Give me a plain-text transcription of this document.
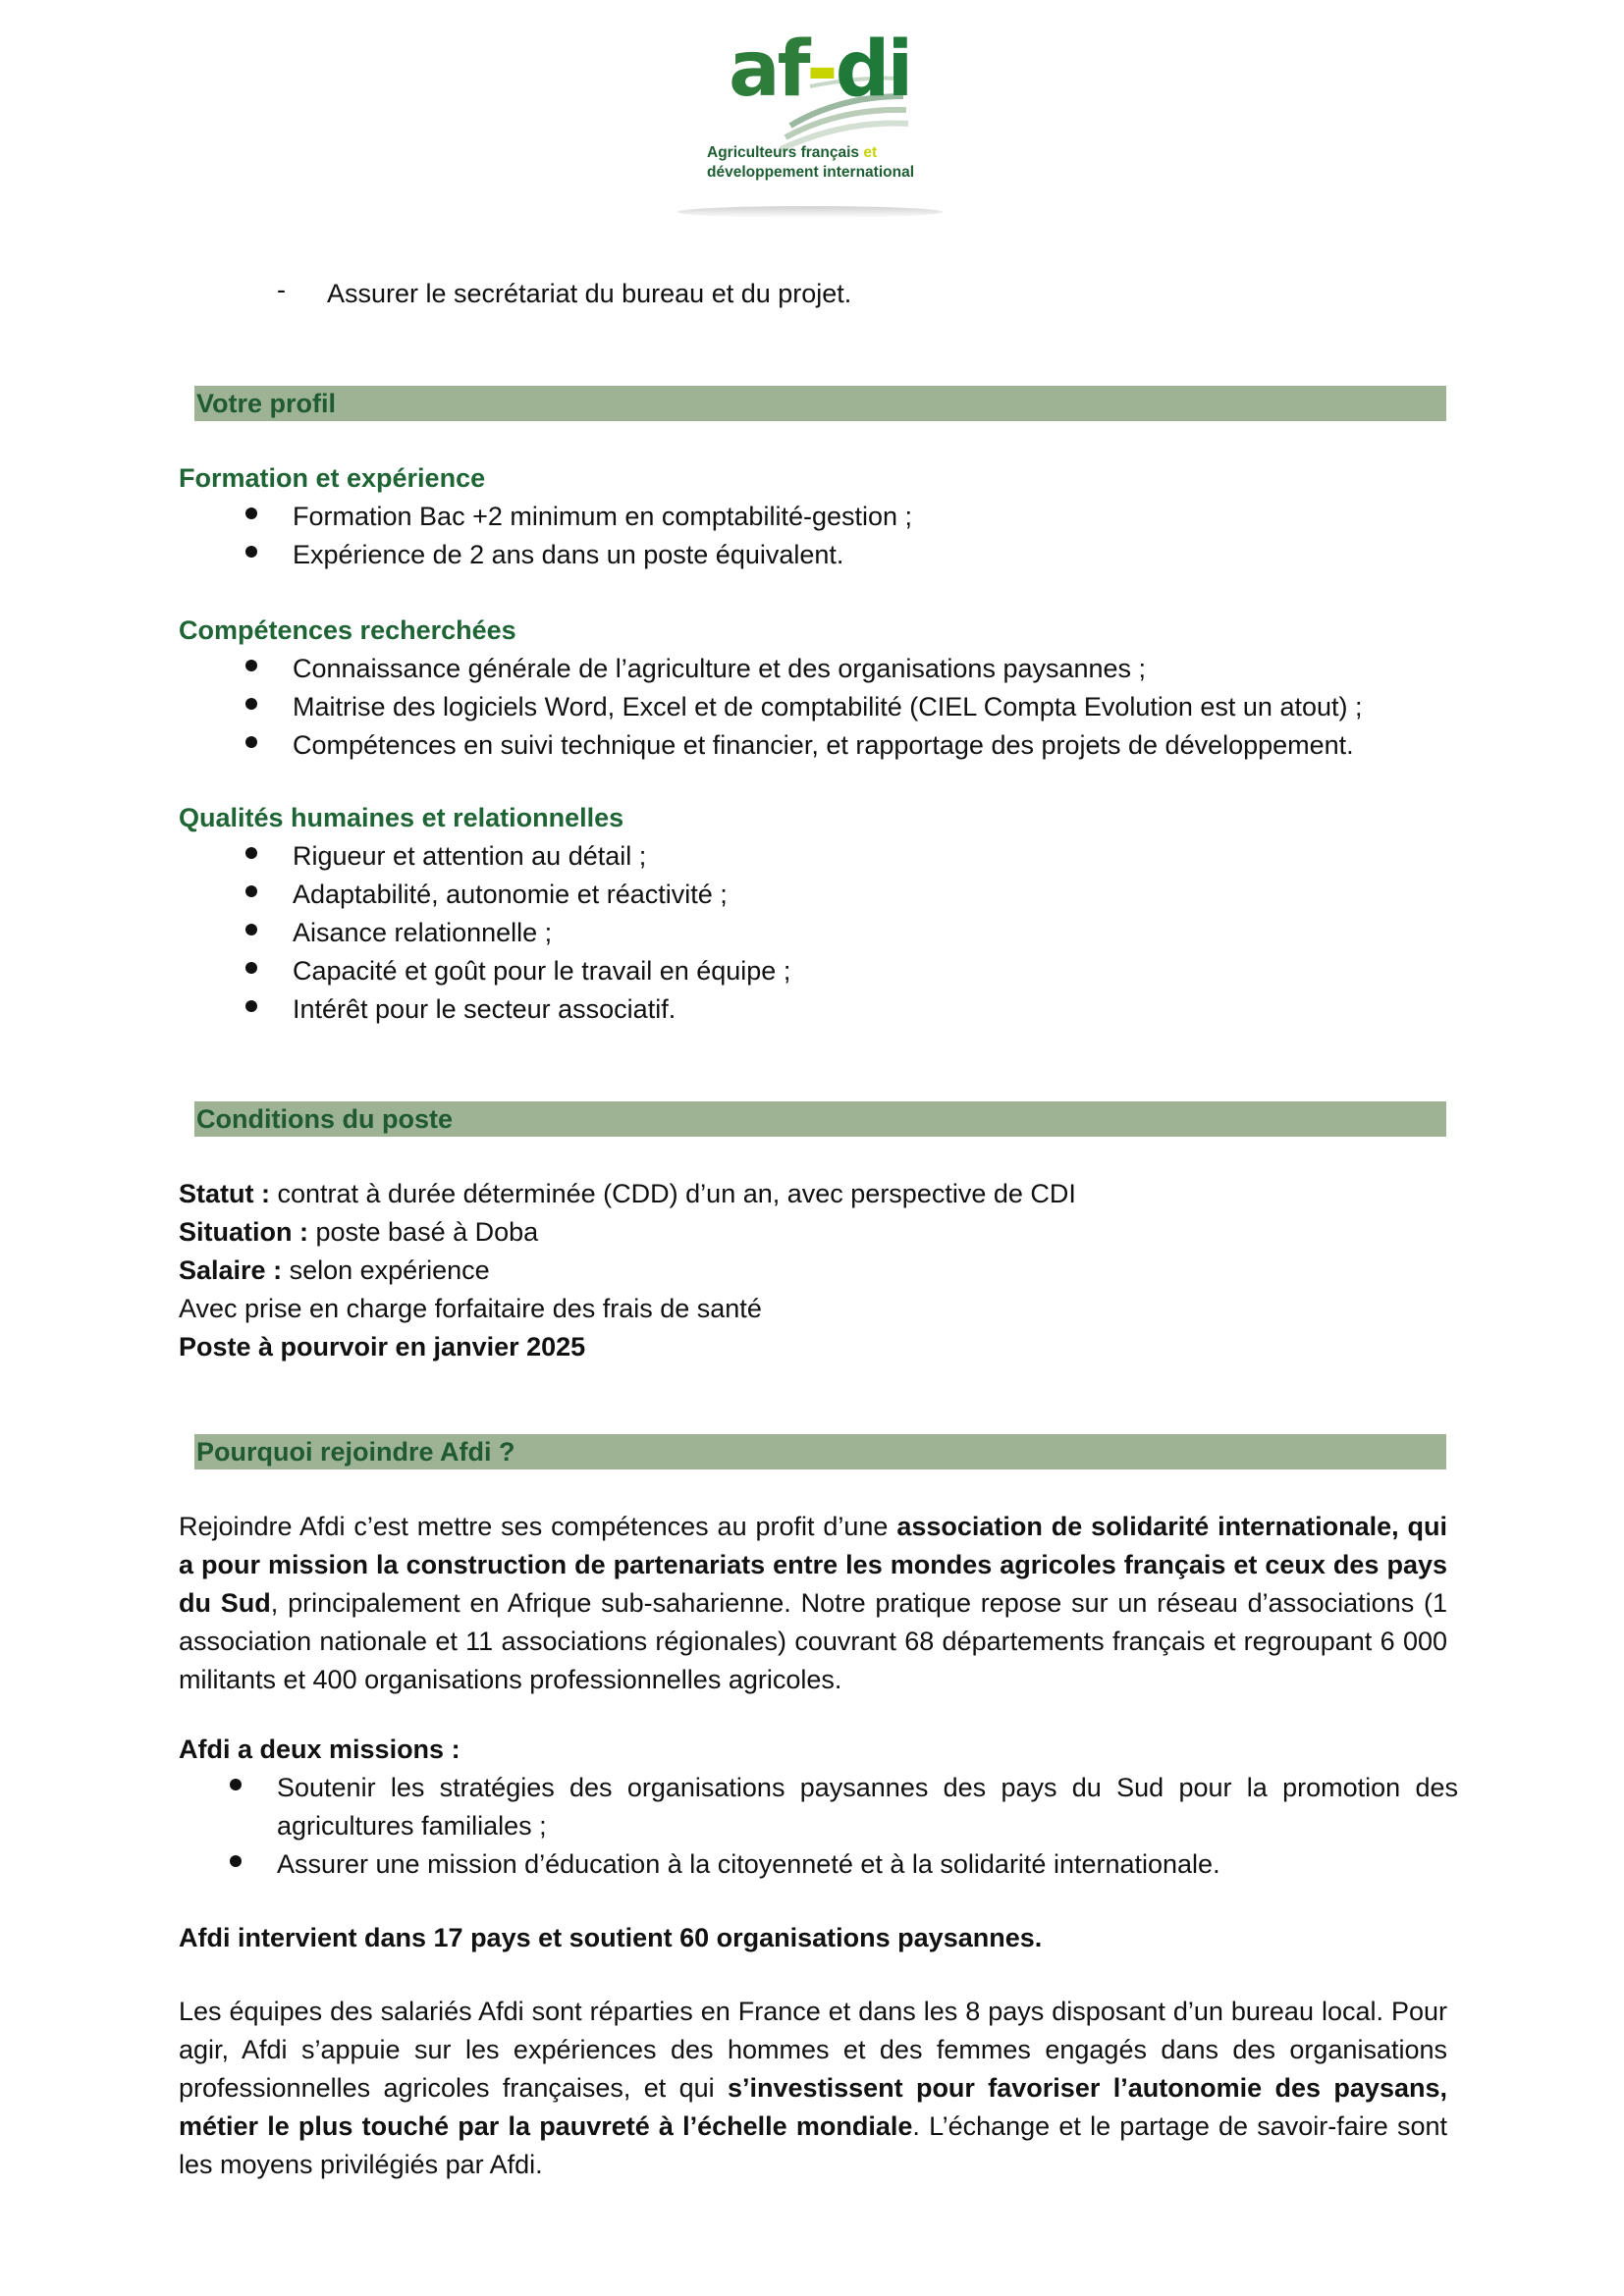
af-di
Agriculteurs français et
développement international
- Assurer le secrétariat du bureau et du projet.
Votre profil
Formation et expérience
Formation Bac +2 minimum en comptabilité-gestion ;
Expérience de 2 ans dans un poste équivalent.
Compétences recherchées
Connaissance générale de l’agriculture et des organisations paysannes ;
Maitrise des logiciels Word, Excel et de comptabilité (CIEL Compta Evolution est un atout) ;
Compétences en suivi technique et financier, et rapportage des projets de développement.
Qualités humaines et relationnelles
Rigueur et attention au détail ;
Adaptabilité, autonomie et réactivité ;
Aisance relationnelle ;
Capacité et goût pour le travail en équipe ;
Intérêt pour le secteur associatif.
Conditions du poste
Statut : contrat à durée déterminée (CDD) d’un an, avec perspective de CDI
Situation : poste basé à Doba
Salaire : selon expérience
Avec prise en charge forfaitaire des frais de santé
Poste à pourvoir en janvier 2025
Pourquoi rejoindre Afdi ?
Rejoindre Afdi c’est mettre ses compétences au profit d’une association de solidarité internationale, qui a pour mission la construction de partenariats entre les mondes agricoles français et ceux des pays du Sud, principalement en Afrique sub-saharienne. Notre pratique repose sur un réseau d’associations (1 association nationale et 11 associations régionales) couvrant 68 départements français et regroupant 6 000 militants et 400 organisations professionnelles agricoles.
Afdi a deux missions :
Soutenir les stratégies des organisations paysannes des pays du Sud pour la promotion des agricultures familiales ;
Assurer une mission d’éducation à la citoyenneté et à la solidarité internationale.
Afdi intervient dans 17 pays et soutient 60 organisations paysannes.
Les équipes des salariés Afdi sont réparties en France et dans les 8 pays disposant d’un bureau local. Pour agir, Afdi s’appuie sur les expériences des hommes et des femmes engagés dans des organisations professionnelles agricoles françaises, et qui s’investissent pour favoriser l’autonomie des paysans, métier le plus touché par la pauvreté à l’échelle mondiale. L’échange et le partage de savoir-faire sont les moyens privilégiés par Afdi.
